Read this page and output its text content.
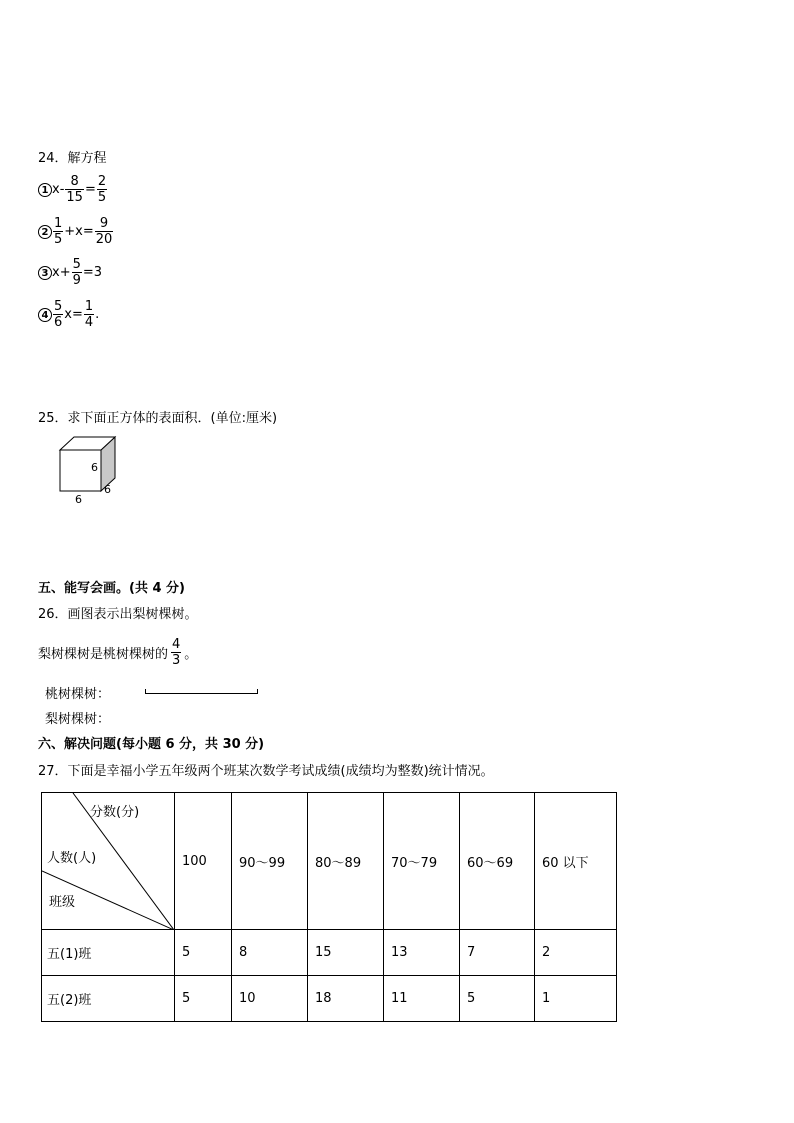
24．解方程
1 $x- \frac{8}{15} = \frac{2}{5}$
$2 \frac{1}{5} +x= \frac{9}{20}$
3 $x+ \frac{5}{9} =3$
$4 \frac{5}{6} x= \frac{1}{4}$ .
25．求下面正方体的表面积．(单位:厘米)
6
6
6
五、能写会画。(共 4 分)
26．画图表示出梨树棵树。
梨树棵树是桃树棵树的 $\frac{4}{3}$ 。
桃树棵树：
梨树棵树：
六、解决问题(每小题 6 分，共 30 分)
27．下面是幸福小学五年级两个班某次数学考试成绩(成绩均为整数)统计情况。
分数(分)
人数(人)
班级	100	90～99	80～89	70～79	60～69	60 以下
五(1)班	5	8	15	13	7	2
五(2)班	5	10	18	11	5	1
